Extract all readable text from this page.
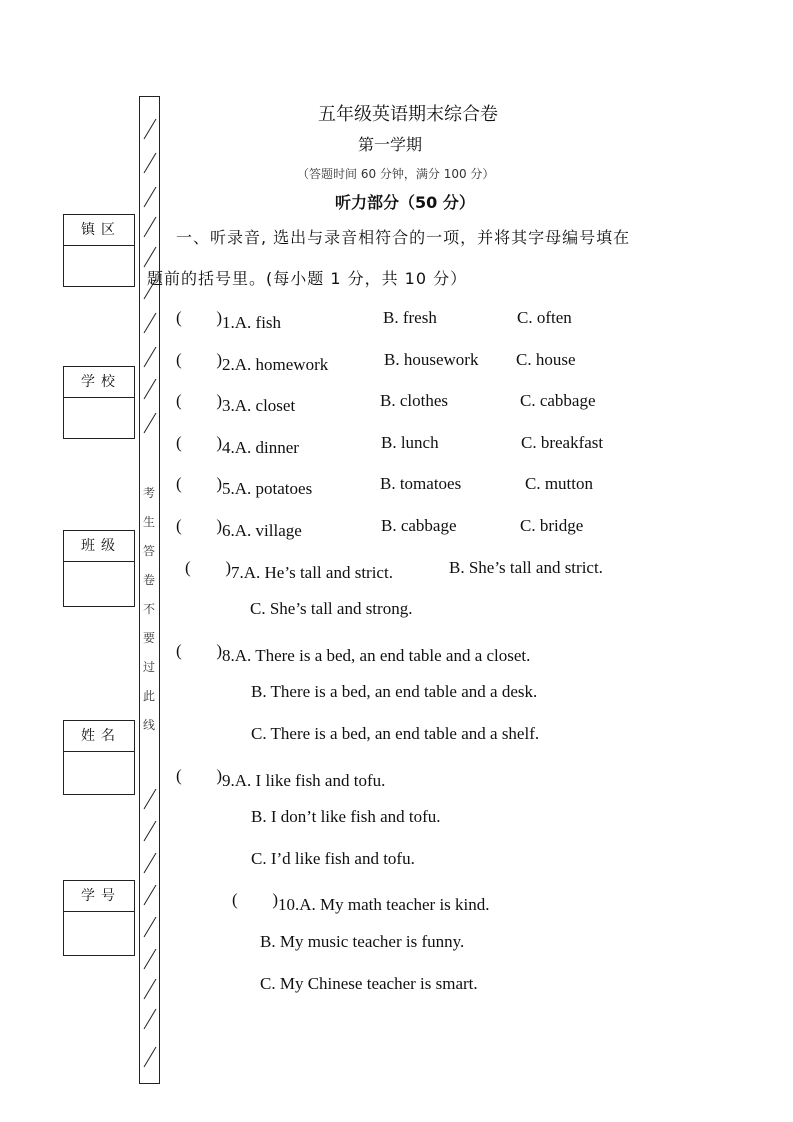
考
生
答
卷
不
要
过
此
线
镇 区
学 校
班 级
姓 名
学 号
五年级英语期末综合卷
第一学期
（答题时间 60 分钟，满分 100 分）
听力部分（50 分）
一、听录音, 选出与录音相符合的一项，并将其字母编号填在
题前的括号里。(每小题 1 分，共 10 分）
( ) 1.A. fish	B. fresh	C. often
( ) 2.A. homework	B. housework C. house
( ) 3.A. closet	B. clothes	C. cabbage
( ) 4.A. dinner	B. lunch	C. breakfast
( ) 5.A. potatoes	B. tomatoes	C. mutton
( ) 6.A. village	B. cabbage	C. bridge
( ) 7.A. He’s tall and strict.	B. She’s tall and strict.
C. She’s tall and strong.
( ) 8.A. There is a bed, an end table and a closet.
B. There is a bed, an end table and a desk.
C. There is a bed, an end table and a shelf.
( ) 9.A. I like fish and tofu.
B. I don’t like fish and tofu.
C. I’d like fish and tofu.
( ) 10.A. My math teacher is kind.
B. My music teacher is funny.
C. My Chinese teacher is smart.
